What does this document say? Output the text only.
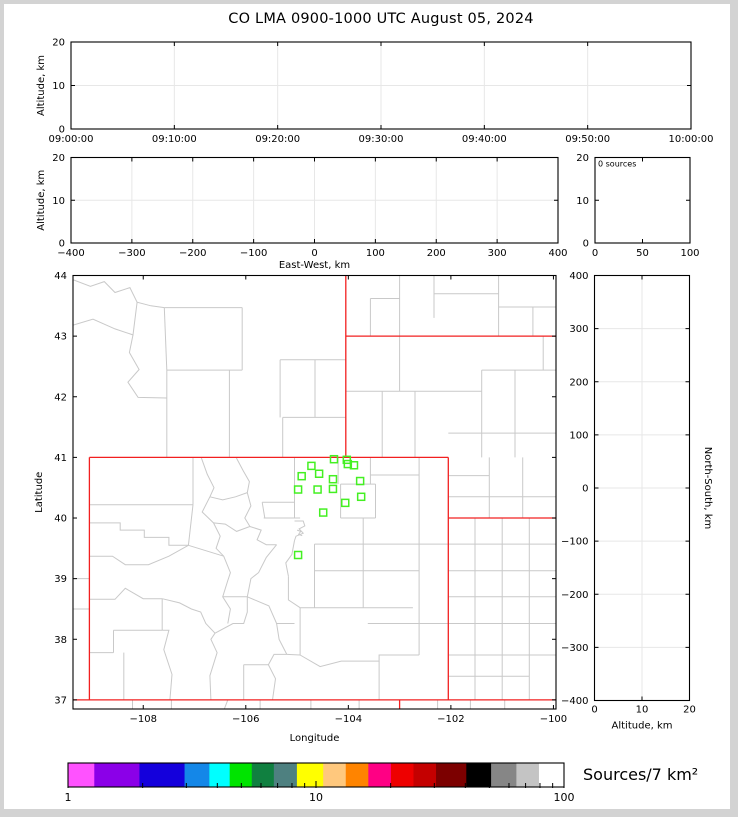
CO LMA 0900-1000 UTC August 05, 2024
09:00:00	09:10:00	09:20:00	09:30:00	09:40:00	09:50:00	10:00:00
0
10
20
Altitude, km
−400	−300	−200	−100	0	100	200	300	400
0
10
20
Altitude, km
East-West, km
0	50	100
0
10
20 0 sources
−108	−106	−104	−102	−100
37
38
39
40
41
42
43
44
Longitude
Latitude
0	10	20
400
300
200
100
0
−100
−200
−300
−400
Altitude, km
North-South, km
1	10	100
Sources/7 km²
